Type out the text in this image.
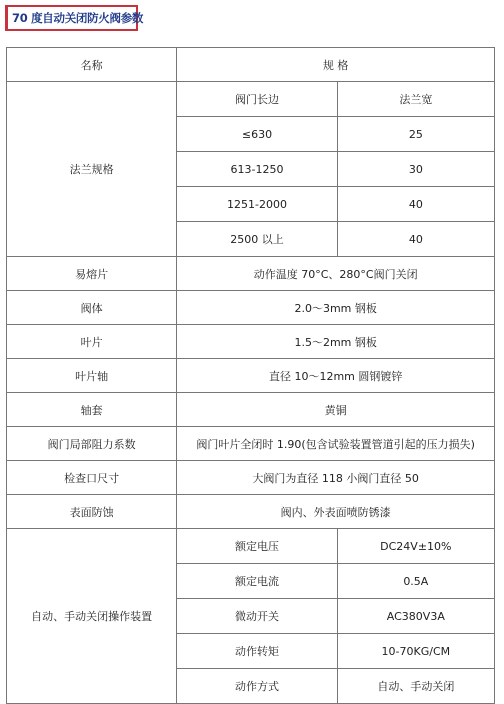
70 度自动关闭防火阀参数
名称	规 格	
法兰规格	阀门长边	法兰宽
	≤630	25
	613-1250	30
	1251-2000	40
	2500 以上	40
易熔片	动作温度 70°C、280°C阀门关闭	
阀体	2.0～3mm 钢板	
叶片	1.5～2mm 钢板	
叶片轴	直径 10～12mm 圆钢镀锌	
轴套	黄铜	
阀门局部阻力系数	阀门叶片全闭时 1.90(包含试验装置管道引起的压力损失)	
检查口尺寸	大阀门为直径 118 小阀门直径 50	
表面防蚀	阀内、外表面喷防锈漆	
自动、手动关闭操作装置	额定电压	DC24V±10%
	额定电流	0.5A
	微动开关	AC380V3A
	动作转矩	10-70KG/CM
	动作方式	自动、手动关闭
